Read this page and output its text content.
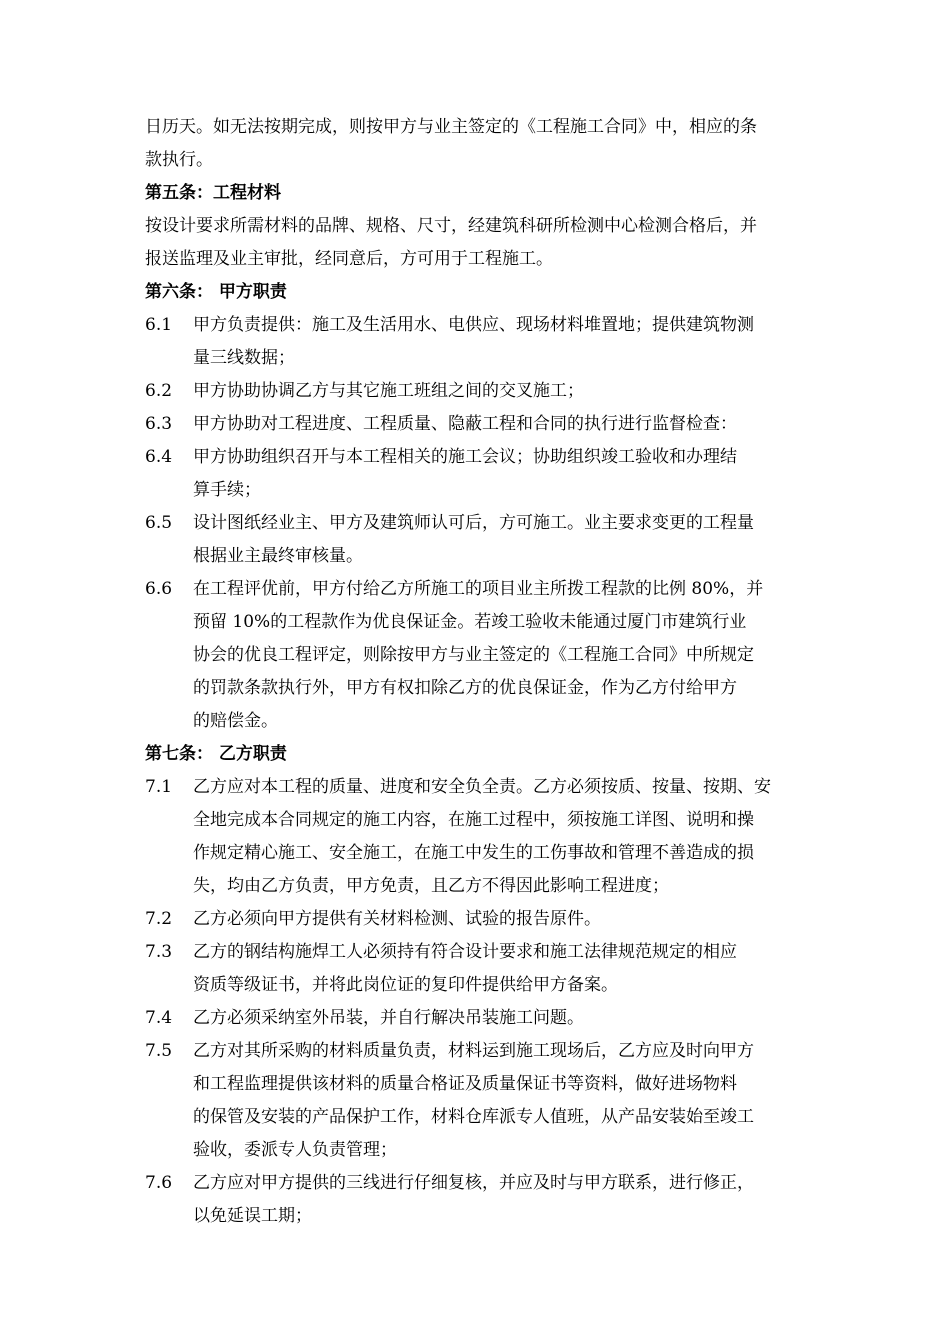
日历天。如无法按期完成，则按甲方与业主签定的《工程施工合同》中，相应的条
款执行。
第五条：工程材料
按设计要求所需材料的品牌、规格、尺寸，经建筑科研所检测中心检测合格后，并
报送监理及业主审批，经同意后，方可用于工程施工。
第六条： 甲方职责
6.1	甲方负责提供：施工及生活用水、电供应、现场材料堆置地；提供建筑物测
量三线数据；
6.2	甲方协助协调乙方与其它施工班组之间的交叉施工；
6.3	甲方协助对工程进度、工程质量、隐蔽工程和合同的执行进行监督检查：
6.4	甲方协助组织召开与本工程相关的施工会议；协助组织竣工验收和办理结
算手续；
6.5	设计图纸经业主、甲方及建筑师认可后，方可施工。业主要求变更的工程量
根据业主最终审核量。
6.6	在工程评优前，甲方付给乙方所施工的项目业主所拨工程款的比例 80%，并
预留 10%的工程款作为优良保证金。若竣工验收未能通过厦门市建筑行业
协会的优良工程评定，则除按甲方与业主签定的《工程施工合同》中所规定
的罚款条款执行外，甲方有权扣除乙方的优良保证金，作为乙方付给甲方
的赔偿金。
第七条： 乙方职责
7.1	乙方应对本工程的质量、进度和安全负全责。乙方必须按质、按量、按期、安
全地完成本合同规定的施工内容，在施工过程中，须按施工详图、说明和操
作规定精心施工、安全施工，在施工中发生的工伤事故和管理不善造成的损
失，均由乙方负责，甲方免责，且乙方不得因此影响工程进度；
7.2	乙方必须向甲方提供有关材料检测、试验的报告原件。
7.3	乙方的钢结构施焊工人必须持有符合设计要求和施工法律规范规定的相应
资质等级证书，并将此岗位证的复印件提供给甲方备案。
7.4	乙方必须采纳室外吊装，并自行解决吊装施工问题。
7.5	乙方对其所采购的材料质量负责，材料运到施工现场后，乙方应及时向甲方
和工程监理提供该材料的质量合格证及质量保证书等资料，做好进场物料
的保管及安装的产品保护工作，材料仓库派专人值班，从产品安装始至竣工
验收，委派专人负责管理；
7.6	乙方应对甲方提供的三线进行仔细复核，并应及时与甲方联系，进行修正，
以免延误工期；
